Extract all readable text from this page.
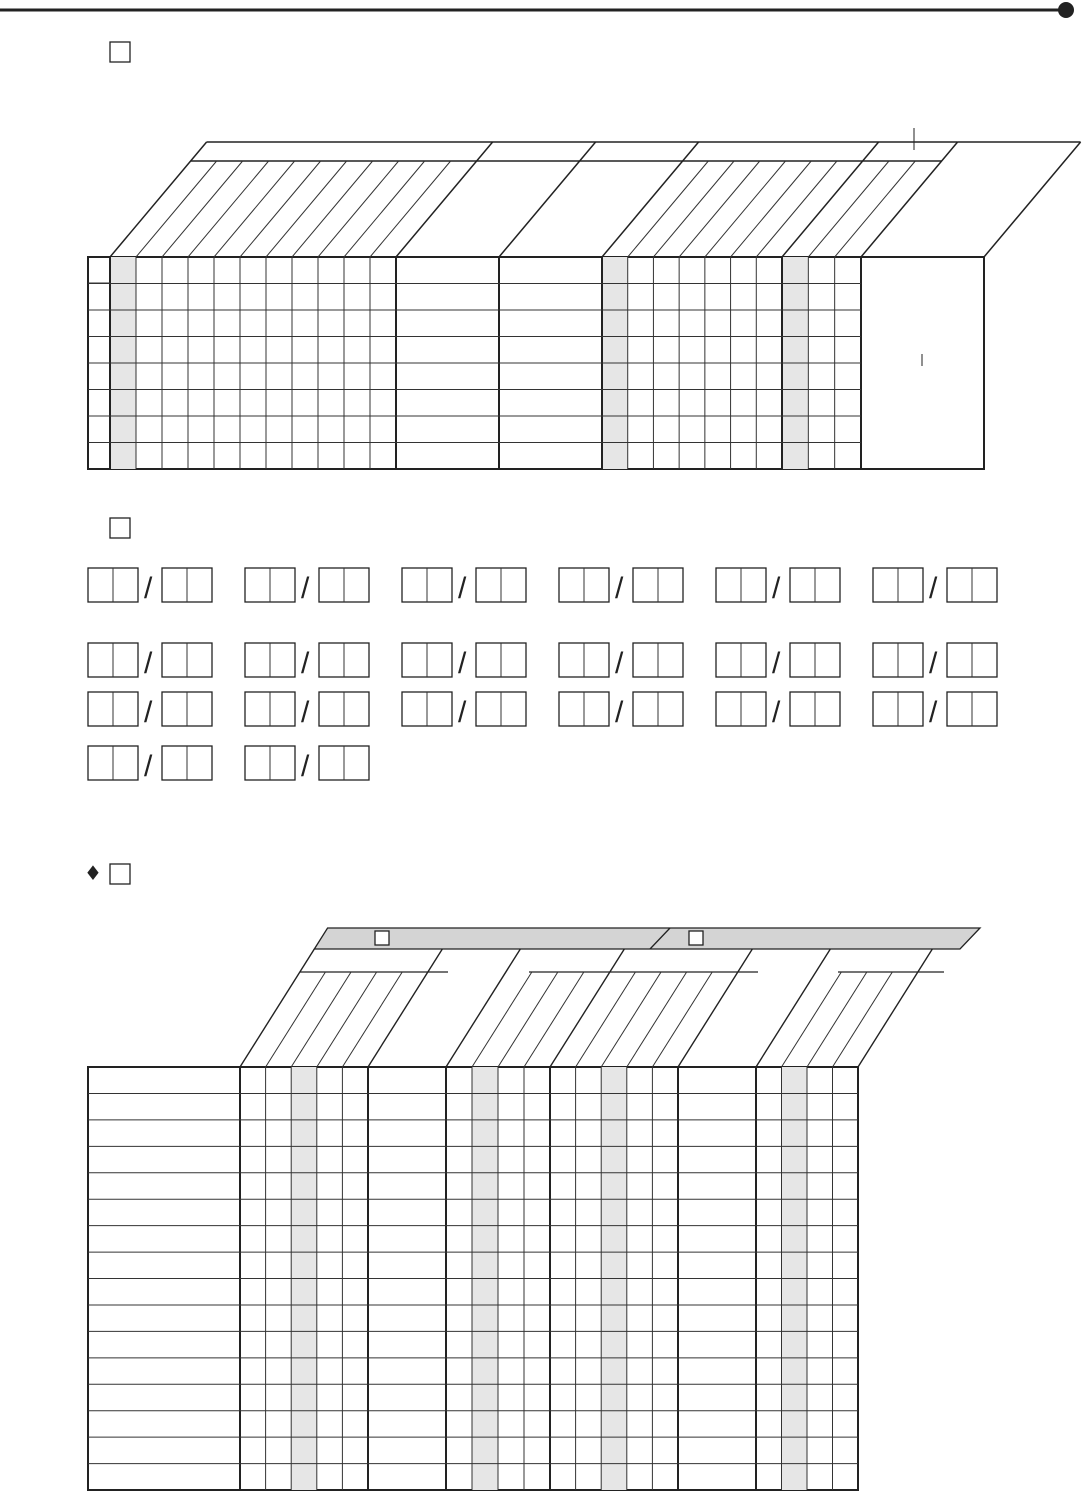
/	/	/	/	/	/
/	/	/	/	/	/
/	/	/	/	/	/
/	/
♦
